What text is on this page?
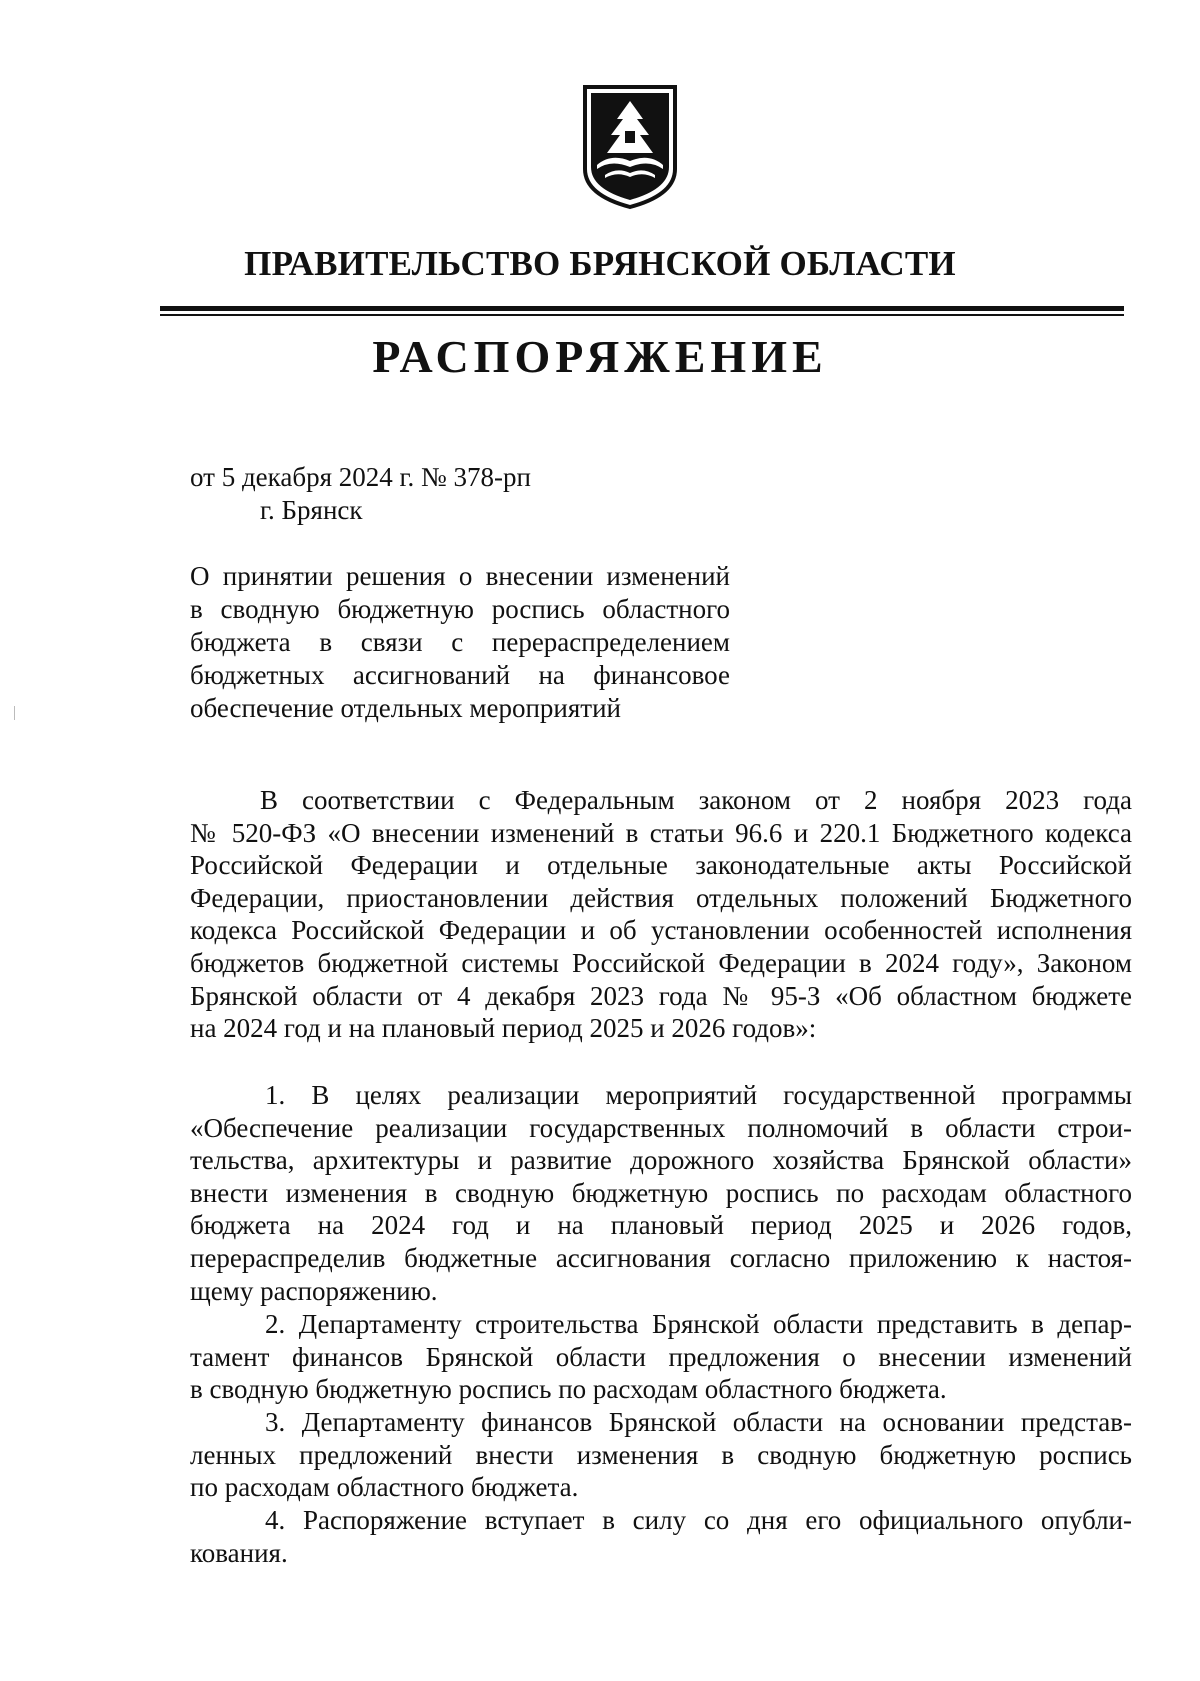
ПРАВИТЕЛЬСТВО БРЯНСКОЙ ОБЛАСТИ
РАСПОРЯЖЕНИЕ
от 5 декабря 2024 г. № 378-рп
г. Брянск
О принятии решения о внесении изменений
в сводную бюджетную роспись областного
бюджета в связи с перераспределением
бюджетных ассигнований на финансовое
обеспечение отдельных мероприятий
В соответствии с Федеральным законом от 2 ноября 2023 года
№ 520-ФЗ «О внесении изменений в статьи 96.6 и 220.1 Бюджетного кодекса
Российской Федерации и отдельные законодательные акты Российской
Федерации, приостановлении действия отдельных положений Бюджетного
кодекса Российской Федерации и об установлении особенностей исполнения
бюджетов бюджетной системы Российской Федерации в 2024 году», Законом
Брянской области от 4 декабря 2023 года № 95-З «Об областном бюджете
на 2024 год и на плановый период 2025 и 2026 годов»:
1. В целях реализации мероприятий государственной программы
«Обеспечение реализации государственных полномочий в области строи-
тельства, архитектуры и развитие дорожного хозяйства Брянской области»
внести изменения в сводную бюджетную роспись по расходам областного
бюджета на 2024 год и на плановый период 2025 и 2026 годов,
перераспределив бюджетные ассигнования согласно приложению к настоя-
щему распоряжению.
2. Департаменту строительства Брянской области представить в депар-
тамент финансов Брянской области предложения о внесении изменений
в сводную бюджетную роспись по расходам областного бюджета.
3. Департаменту финансов Брянской области на основании представ-
ленных предложений внести изменения в сводную бюджетную роспись
по расходам областного бюджета.
4. Распоряжение вступает в силу со дня его официального опубли-
кования.
